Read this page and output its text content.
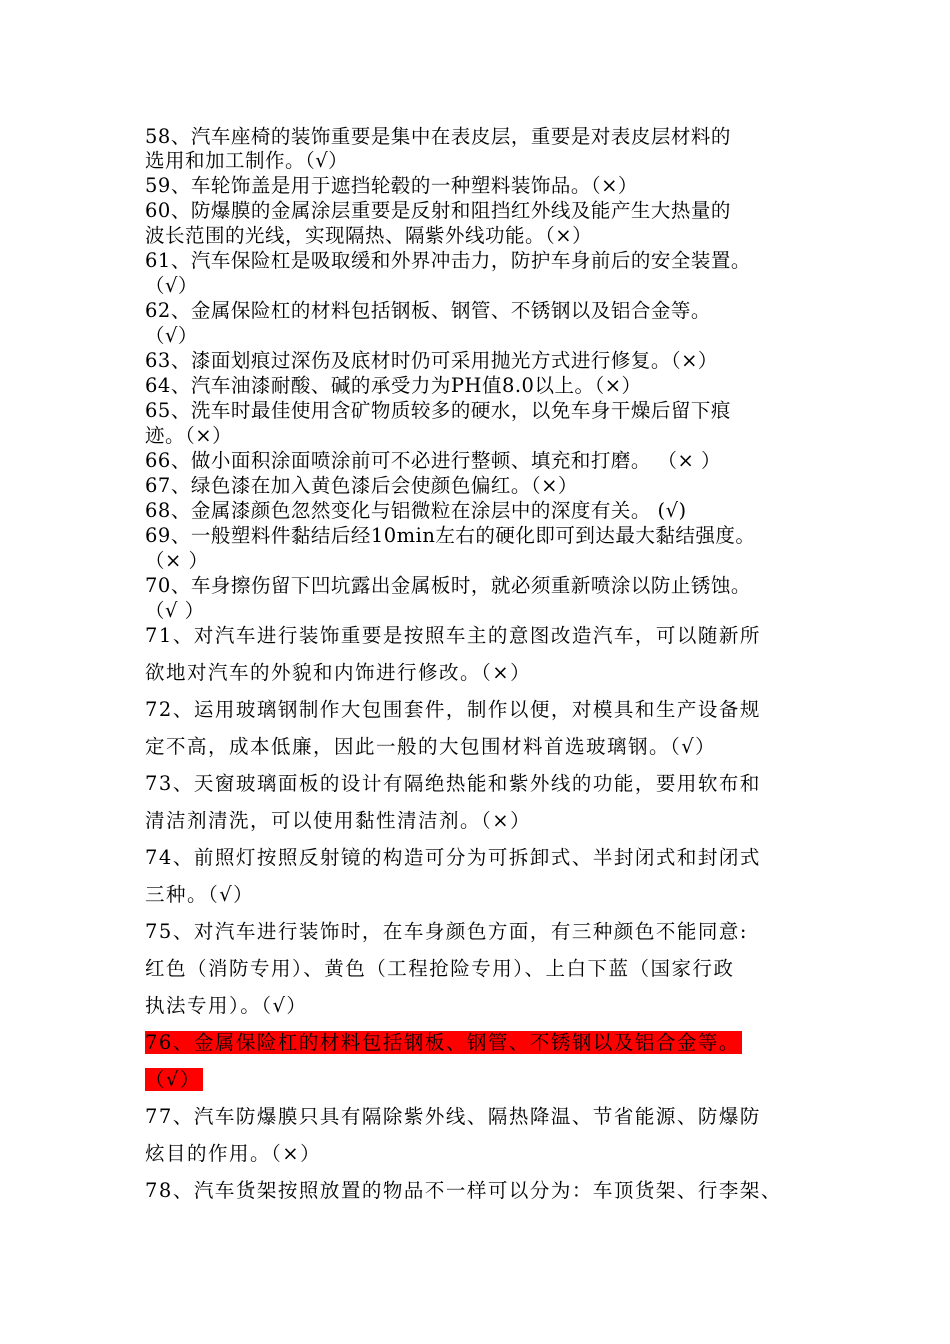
58、汽车座椅的装饰重要是集中在表皮层，重要是对表皮层材料的

选用和加工制作。（√）

59、车轮饰盖是用于遮挡轮毂的一种塑料装饰品。（×）

60、防爆膜的金属涂层重要是反射和阻挡红外线及能产生大热量的

波长范围的光线，实现隔热、隔紫外线功能。（×）

61、汽车保险杠是吸取缓和外界冲击力，防护车身前后的安全装置。

（√）

62、金属保险杠的材料包括钢板、钢管、不锈钢以及铝合金等。

（√）

63、漆面划痕过深伤及底材时仍可采用抛光方式进行修复。（×）

64、汽车油漆耐酸、碱的承受力为PH值8.0以上。（×）

65、洗车时最佳使用含矿物质较多的硬水，以免车身干燥后留下痕

迹。（×）

66、做小面积涂面喷涂前可不必进行整顿、填充和打磨。 （× ）

67、绿色漆在加入黄色漆后会使颜色偏红。（×）

68、金属漆颜色忽然变化与铝微粒在涂层中的深度有关。 (√)

69、一般塑料件黏结后经10min左右的硬化即可到达最大黏结强度。

（× ）

70、车身擦伤留下凹坑露出金属板时，就必须重新喷涂以防止锈蚀。

（√ ）

71、对汽车进行装饰重要是按照车主的意图改造汽车，可以随新所

欲地对汽车的外貌和内饰进行修改。（×）

72、运用玻璃钢制作大包围套件，制作以便，对模具和生产设备规

定不高，成本低廉，因此一般的大包围材料首选玻璃钢。（√）

73、天窗玻璃面板的设计有隔绝热能和紫外线的功能，要用软布和

清洁剂清洗，可以使用黏性清洁剂。（×）

74、前照灯按照反射镜的构造可分为可拆卸式、半封闭式和封闭式

三种。（√）

75、对汽车进行装饰时，在车身颜色方面，有三种颜色不能同意:

红色（消防专用）、黄色（工程抢险专用）、上白下蓝（国家行政

执法专用）。（√）

76、金属保险杠的材料包括钢板、钢管、不锈钢以及铝合金等。

（√）

77、汽车防爆膜只具有隔除紫外线、隔热降温、节省能源、防爆防

炫目的作用。（×）

78、汽车货架按照放置的物品不一样可以分为：车顶货架、行李架、
